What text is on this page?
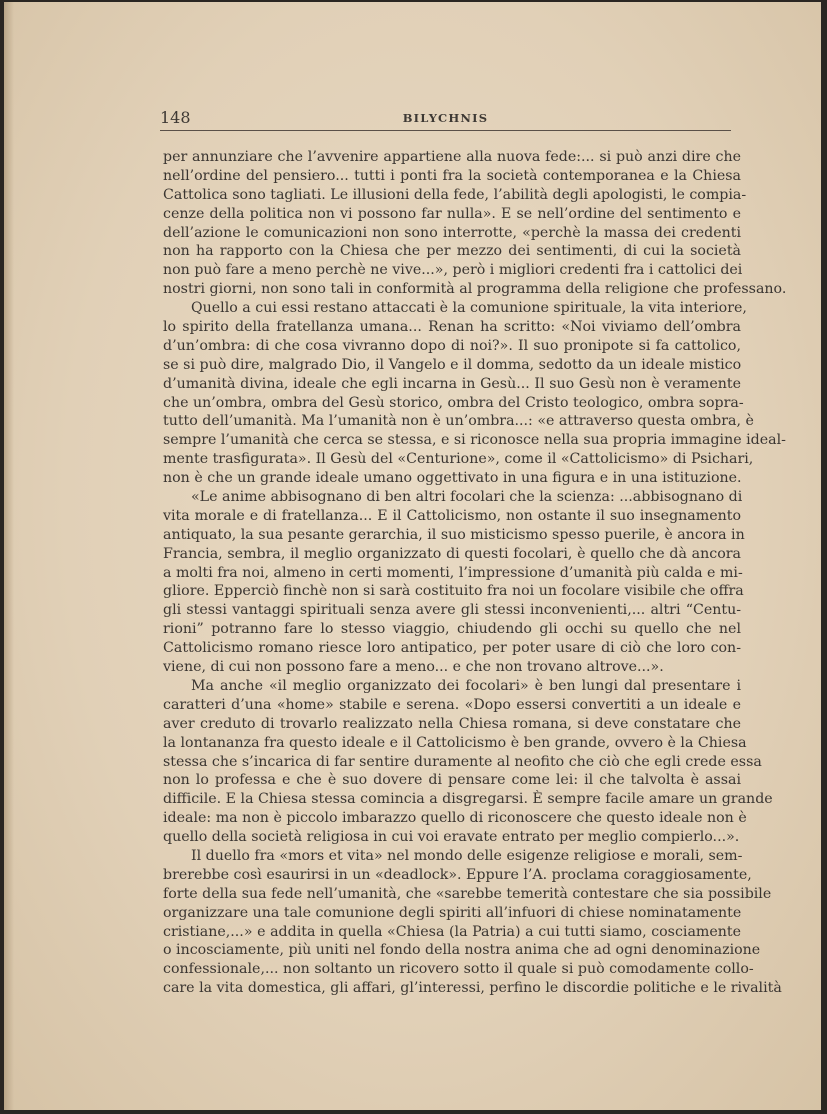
148	BILYCHNIS
per annunziare che l’avvenire appartiene alla nuova fede:... si può anzi dire che
nell’ordine del pensiero... tutti i ponti fra la società contemporanea e la Chiesa
Cattolica sono tagliati. Le illusioni della fede, l’abilità degli apologisti, le compia-
cenze della politica non vi possono far nulla». E se nell’ordine del sentimento e
dell’azione le comunicazioni non sono interrotte, «perchè la massa dei credenti
non ha rapporto con la Chiesa che per mezzo dei sentimenti, di cui la società
non può fare a meno perchè ne vive...», però i migliori credenti fra i cattolici dei
nostri giorni, non sono tali in conformità al programma della religione che professano.
Quello a cui essi restano attaccati è la comunione spirituale, la vita interiore,
lo spirito della fratellanza umana... Renan ha scritto: «Noi viviamo dell’ombra
d’un’ombra: di che cosa vivranno dopo di noi?». Il suo pronipote si fa cattolico,
se si può dire, malgrado Dio, il Vangelo e il domma, sedotto da un ideale mistico
d’umanità divina, ideale che egli incarna in Gesù... Il suo Gesù non è veramente
che un’ombra, ombra del Gesù storico, ombra del Cristo teologico, ombra sopra-
tutto dell’umanità. Ma l’umanità non è un’ombra...: «e attraverso questa ombra, è
sempre l’umanità che cerca se stessa, e si riconosce nella sua propria immagine ideal-
mente trasfigurata». Il Gesù del «Centurione», come il «Cattolicismo» di Psichari,
non è che un grande ideale umano oggettivato in una figura e in una istituzione.
«Le anime abbisognano di ben altri focolari che la scienza: ...abbisognano di
vita morale e di fratellanza... E il Cattolicismo, non ostante il suo insegnamento
antiquato, la sua pesante gerarchia, il suo misticismo spesso puerile, è ancora in
Francia, sembra, il meglio organizzato di questi focolari, è quello che dà ancora
a molti fra noi, almeno in certi momenti, l’impressione d’umanità più calda e mi-
gliore. Epperciò finchè non si sarà costituito fra noi un focolare visibile che offra
gli stessi vantaggi spirituali senza avere gli stessi inconvenienti,... altri “Centu-
rioni” potranno fare lo stesso viaggio, chiudendo gli occhi su quello che nel
Cattolicismo romano riesce loro antipatico, per poter usare di ciò che loro con-
viene, di cui non possono fare a meno... e che non trovano altrove...».
Ma anche «il meglio organizzato dei focolari» è ben lungi dal presentare i
caratteri d’una «home» stabile e serena. «Dopo essersi convertiti a un ideale e
aver creduto di trovarlo realizzato nella Chiesa romana, si deve constatare che
la lontananza fra questo ideale e il Cattolicismo è ben grande, ovvero è la Chiesa
stessa che s’incarica di far sentire duramente al neofito che ciò che egli crede essa
non lo professa e che è suo dovere di pensare come lei: il che talvolta è assai
difficile. E la Chiesa stessa comincia a disgregarsi. È sempre facile amare un grande
ideale: ma non è piccolo imbarazzo quello di riconoscere che questo ideale non è
quello della società religiosa in cui voi eravate entrato per meglio compierlo...».
Il duello fra «mors et vita» nel mondo delle esigenze religiose e morali, sem-
brerebbe così esaurirsi in un «deadlock». Eppure l’A. proclama coraggiosamente,
forte della sua fede nell’umanità, che «sarebbe temerità contestare che sia possibile
organizzare una tale comunione degli spiriti all’infuori di chiese nominatamente
cristiane,...» e addita in quella «Chiesa (la Patria) a cui tutti siamo, cosciamente
o incosciamente, più uniti nel fondo della nostra anima che ad ogni denominazione
confessionale,... non soltanto un ricovero sotto il quale si può comodamente collo-
care la vita domestica, gli affari, gl’interessi, perfino le discordie politiche e le rivalità
